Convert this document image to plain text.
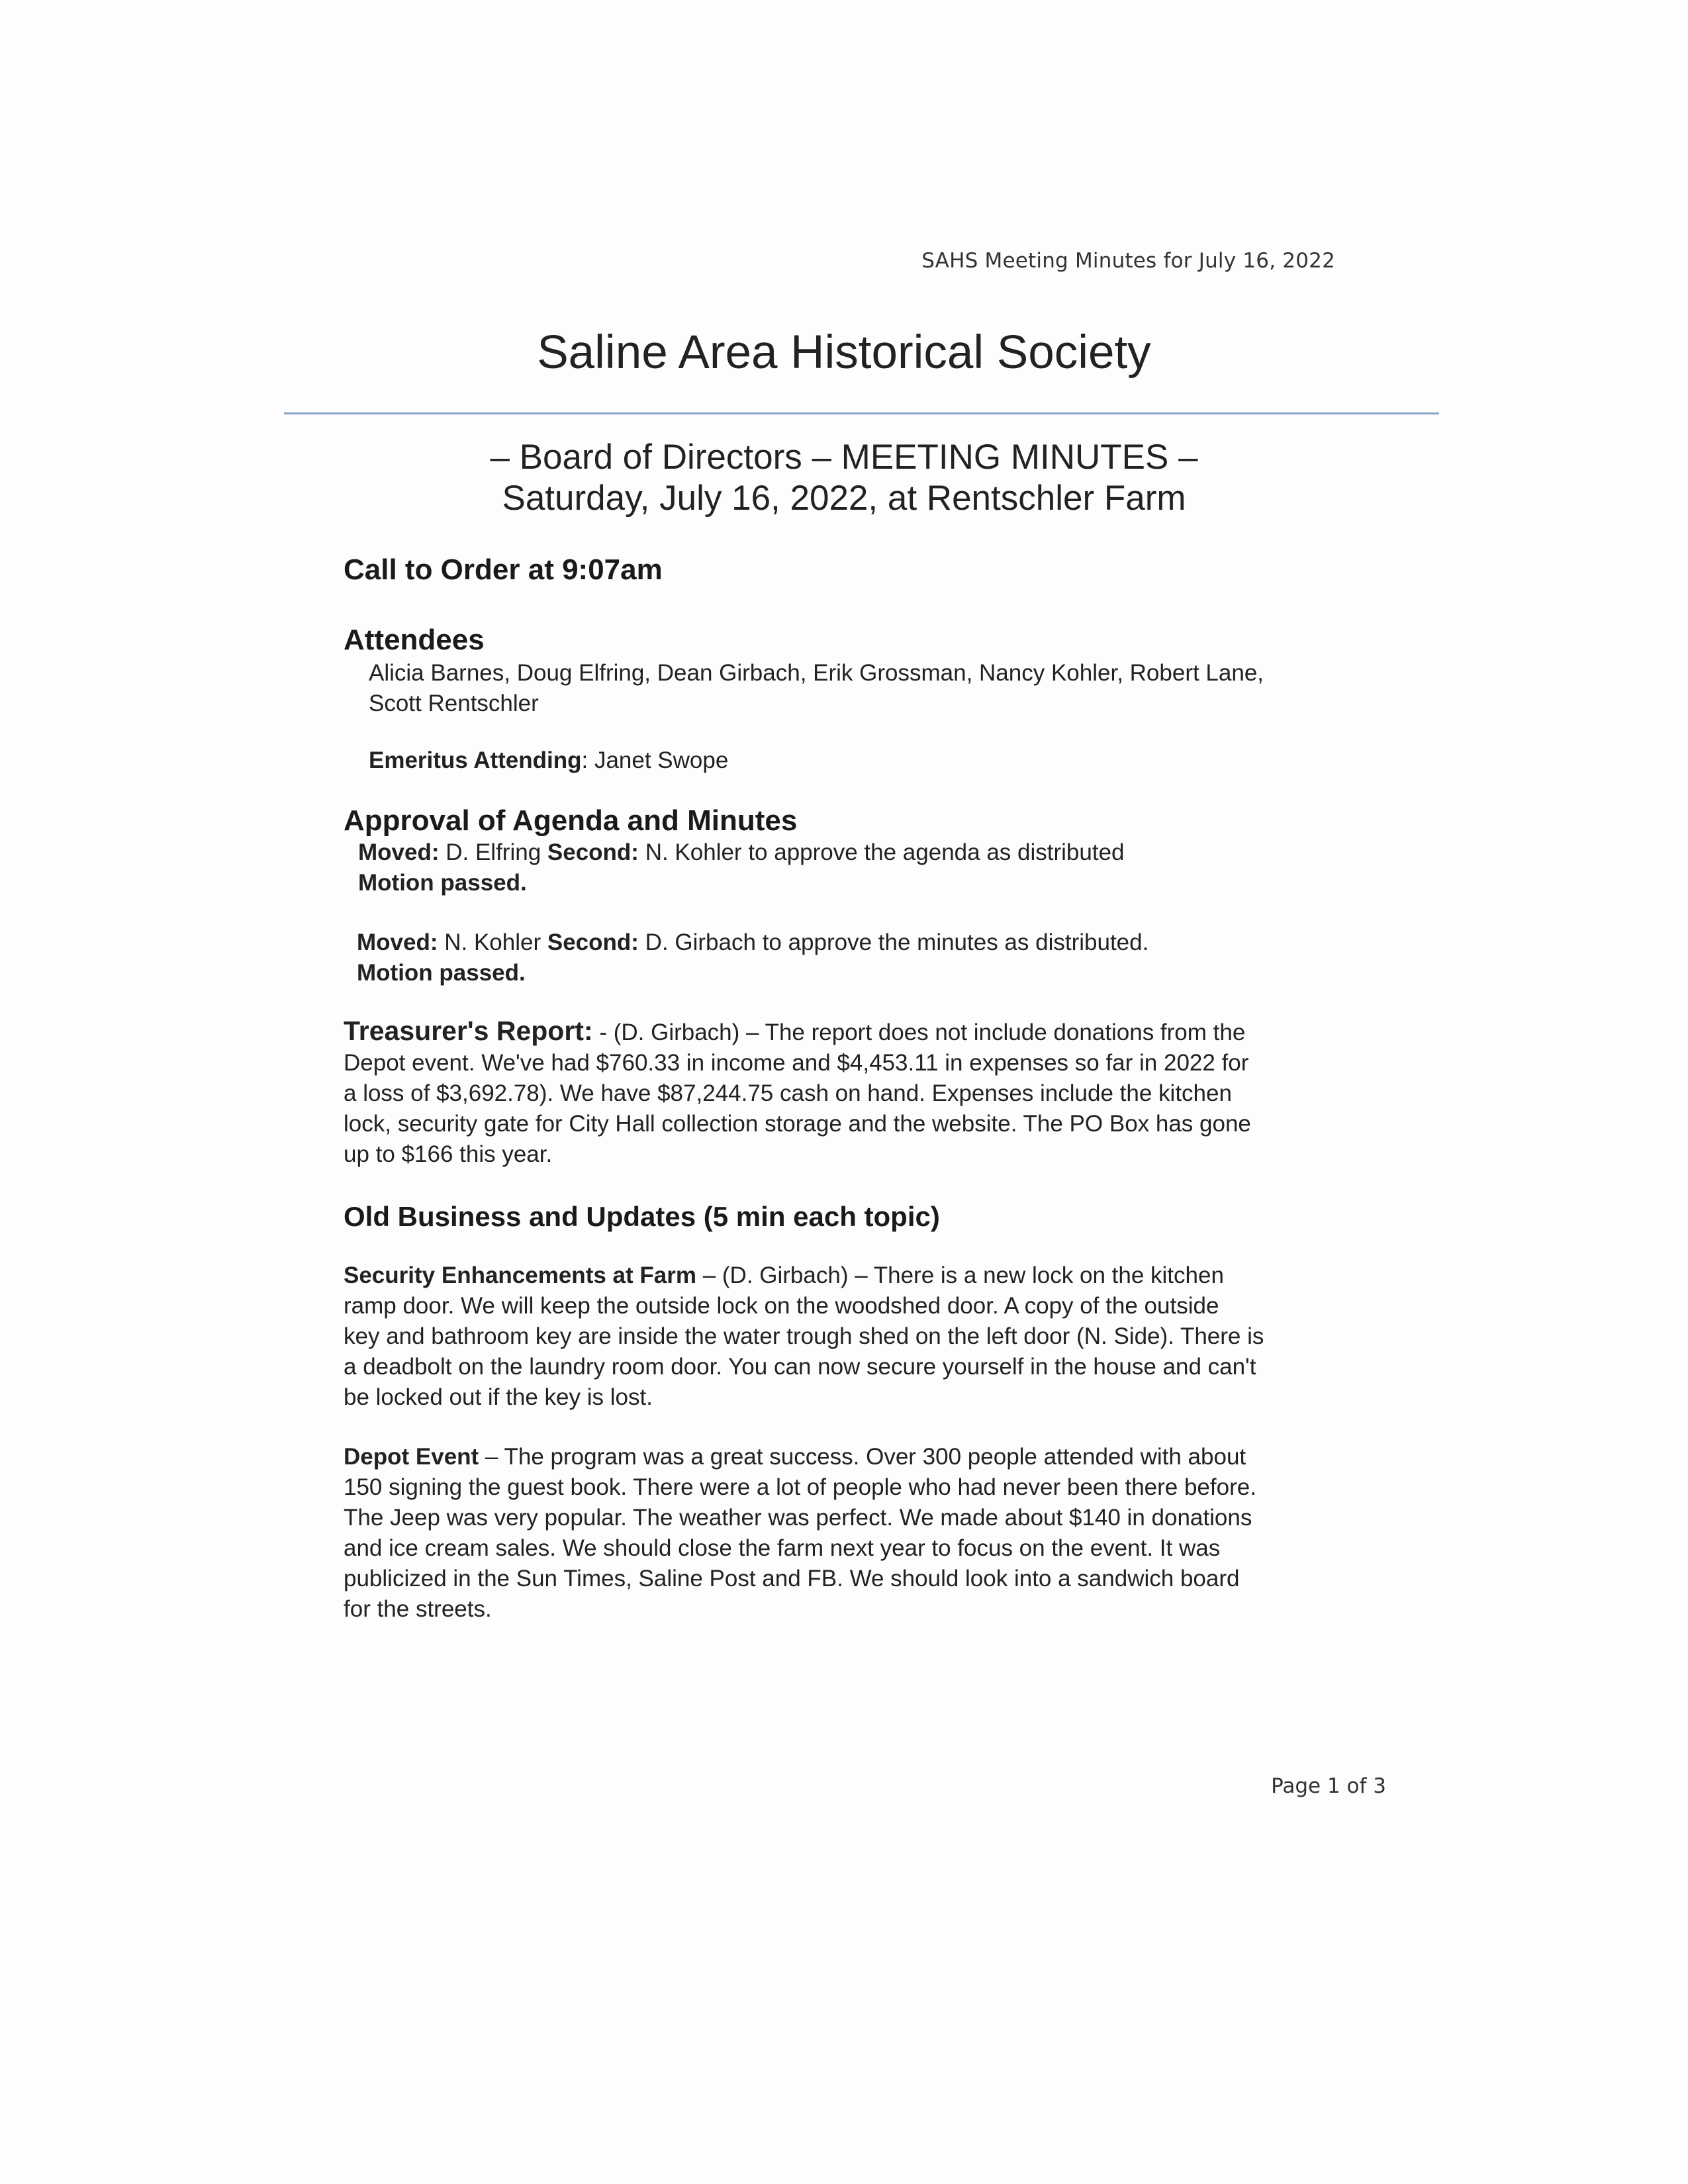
SAHS Meeting Minutes for July 16, 2022
Saline Area Historical Society
– Board of Directors – MEETING MINUTES –
Saturday, July 16, 2022, at Rentschler Farm
Call to Order at 9:07am
Attendees
Alicia Barnes, Doug Elfring, Dean Girbach, Erik Grossman, Nancy Kohler, Robert Lane,
Scott Rentschler
Emeritus Attending: Janet Swope
Approval of Agenda and Minutes
Moved: D. Elfring Second: N. Kohler to approve the agenda as distributed
Motion passed.
Moved: N. Kohler Second: D. Girbach to approve the minutes as distributed.
Motion passed.
Treasurer's Report: - (D. Girbach) – The report does not include donations from the
Depot event. We've had $760.33 in income and $4,453.11 in expenses so far in 2022 for
a loss of $3,692.78). We have $87,244.75 cash on hand. Expenses include the kitchen
lock, security gate for City Hall collection storage and the website. The PO Box has gone
up to $166 this year.
Old Business and Updates (5 min each topic)
Security Enhancements at Farm – (D. Girbach) – There is a new lock on the kitchen
ramp door. We will keep the outside lock on the woodshed door. A copy of the outside
key and bathroom key are inside the water trough shed on the left door (N. Side). There is
a deadbolt on the laundry room door. You can now secure yourself in the house and can't
be locked out if the key is lost.
Depot Event – The program was a great success. Over 300 people attended with about
150 signing the guest book. There were a lot of people who had never been there before.
The Jeep was very popular. The weather was perfect. We made about $140 in donations
and ice cream sales. We should close the farm next year to focus on the event. It was
publicized in the Sun Times, Saline Post and FB. We should look into a sandwich board
for the streets.
Page 1 of 3
